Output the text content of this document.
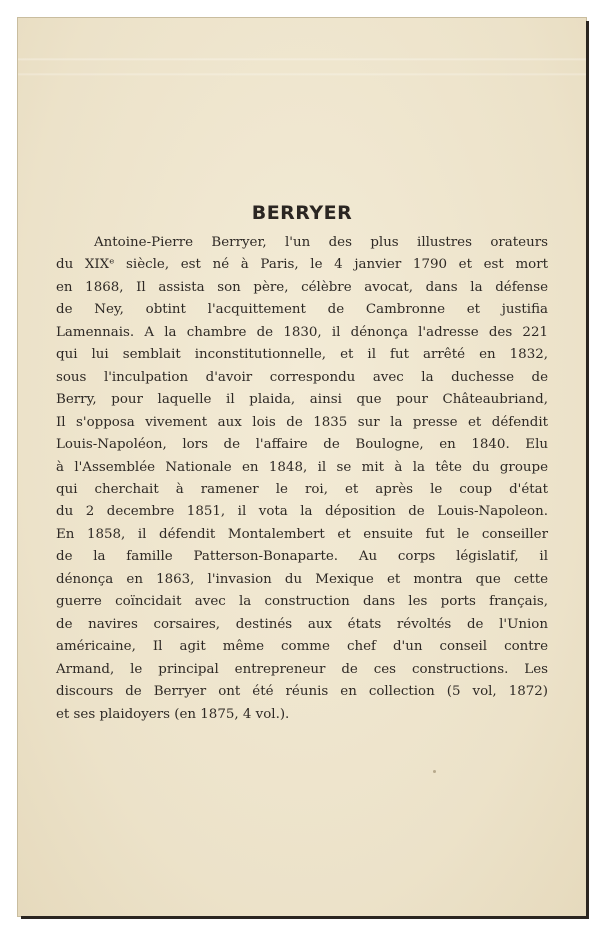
BERRYER
Antoine-Pierre Berryer, l'un des plus illustres orateurs
du XIXᵉ siècle, est né à Paris, le 4 janvier 1790 et est mort
en 1868, Il assista son père, célèbre avocat, dans la défense
de Ney, obtint l'acquittement de Cambronne et justifia
Lamennais. A la chambre de 1830, il dénonça l'adresse des 221
qui lui semblait inconstitutionnelle, et il fut arrêté en 1832,
sous l'inculpation d'avoir correspondu avec la duchesse de
Berry, pour laquelle il plaida, ainsi que pour Châteaubriand,
Il s'opposa vivement aux lois de 1835 sur la presse et défendit
Louis-Napoléon, lors de l'affaire de Boulogne, en 1840. Elu
à l'Assemblée Nationale en 1848, il se mit à la tête du groupe
qui cherchait à ramener le roi, et après le coup d'état
du 2 decembre 1851, il vota la déposition de Louis-Napoleon.
En 1858, il défendit Montalembert et ensuite fut le conseiller
de la famille Patterson-Bonaparte. Au corps législatif, il
dénonça en 1863, l'invasion du Mexique et montra que cette
guerre coïncidait avec la construction dans les ports français,
de navires corsaires, destinés aux états révoltés de l'Union
américaine, Il agit même comme chef d'un conseil contre
Armand, le principal entrepreneur de ces constructions. Les
discours de Berryer ont été réunis en collection (5 vol, 1872)
et ses plaidoyers (en 1875, 4 vol.).
